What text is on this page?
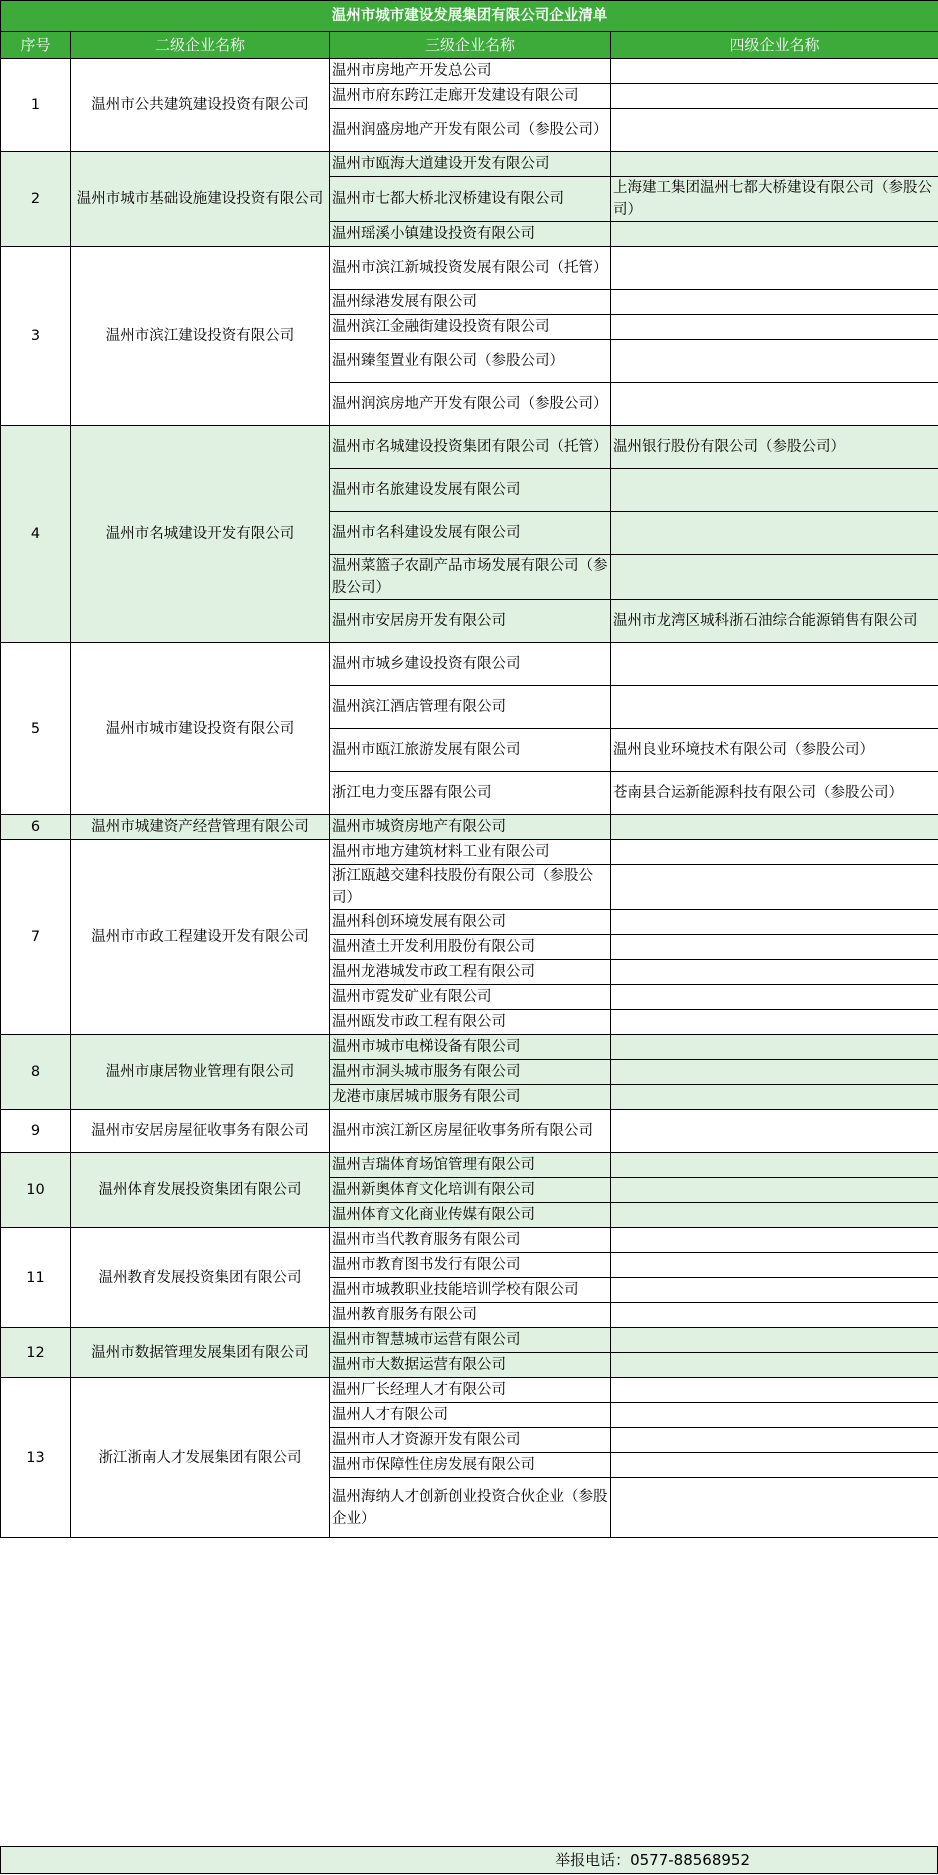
温州市城市建设发展集团有限公司企业清单			
序号	二级企业名称	三级企业名称	四级企业名称
1	温州市公共建筑建设投资有限公司	温州市房地产开发总公司	
		温州市府东跨江走廊开发建设有限公司	
		温州润盛房地产开发有限公司（参股公司）	
2	温州市城市基础设施建设投资有限公司	温州市瓯海大道建设开发有限公司	
		温州市七都大桥北汊桥建设有限公司	上海建工集团温州七都大桥建设有限公司（参股公司）
		温州瑶溪小镇建设投资有限公司	
3	温州市滨江建设投资有限公司	温州市滨江新城投资发展有限公司（托管）	
		温州绿港发展有限公司	
		温州滨江金融街建设投资有限公司	
		温州臻玺置业有限公司（参股公司）	
		温州润滨房地产开发有限公司（参股公司）	
4	温州市名城建设开发有限公司	温州市名城建设投资集团有限公司（托管）	温州银行股份有限公司（参股公司）
		温州市名旅建设发展有限公司	
		温州市名科建设发展有限公司	
		温州菜篮子农副产品市场发展有限公司（参股公司）	
		温州市安居房开发有限公司	温州市龙湾区城科浙石油综合能源销售有限公司
5	温州市城市建设投资有限公司	温州市城乡建设投资有限公司	
		温州滨江酒店管理有限公司	
		温州市瓯江旅游发展有限公司	温州良业环境技术有限公司（参股公司）
		浙江电力变压器有限公司	苍南县合运新能源科技有限公司（参股公司）
6	温州市城建资产经营管理有限公司	温州市城资房地产有限公司	
7	温州市市政工程建设开发有限公司	温州市地方建筑材料工业有限公司	
		浙江瓯越交建科技股份有限公司（参股公司）	
		温州科创环境发展有限公司	
		温州渣土开发利用股份有限公司	
		温州龙港城发市政工程有限公司	
		温州市霓发矿业有限公司	
		温州瓯发市政工程有限公司	
8	温州市康居物业管理有限公司	温州市城市电梯设备有限公司	
		温州市洞头城市服务有限公司	
		龙港市康居城市服务有限公司	
9	温州市安居房屋征收事务有限公司	温州市滨江新区房屋征收事务所有限公司	
10	温州体育发展投资集团有限公司	温州吉瑞体育场馆管理有限公司	
		温州新奥体育文化培训有限公司	
		温州体育文化商业传媒有限公司	
11	温州教育发展投资集团有限公司	温州市当代教育服务有限公司	
		温州市教育图书发行有限公司	
		温州市城教职业技能培训学校有限公司	
		温州教育服务有限公司	
12	温州市数据管理发展集团有限公司	温州市智慧城市运营有限公司	
		温州市大数据运营有限公司	
13	浙江浙南人才发展集团有限公司	温州厂长经理人才有限公司	
		温州人才有限公司	
		温州市人才资源开发有限公司	
		温州市保障性住房发展有限公司	
		温州海纳人才创新创业投资合伙企业（参股企业）	
举报电话：0577-88568952
